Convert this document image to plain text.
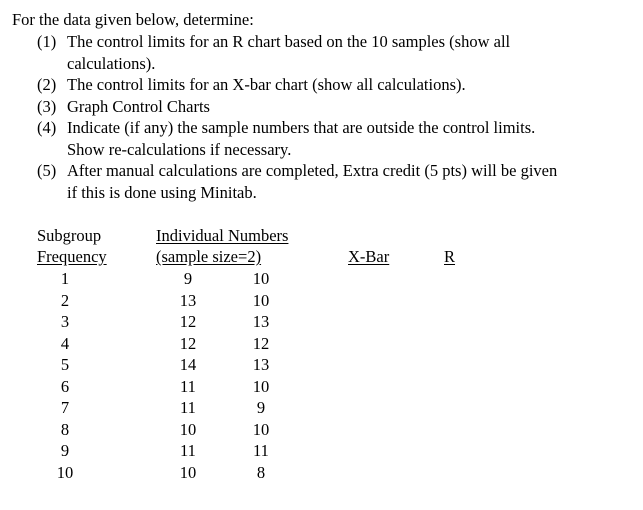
For the data given below, determine:
(1) The control limits for an R chart based on the 10 samples (show all
calculations).
(2) The control limits for an X-bar chart (show all calculations).
(3) Graph Control Charts
(4) Indicate (if any) the sample numbers that are outside the control limits.
Show re-calculations if necessary.
(5) After manual calculations are completed, Extra credit (5 pts) will be given
if this is done using Minitab.
Subgroup
Frequency
Individual Numbers
(sample size=2)	X-Bar	R
1	9	10
2	13	10
3	12	13
4	12	12
5	14	13
6	11	10
7	11	9
8	10	10
9	11	11
10	10	8
